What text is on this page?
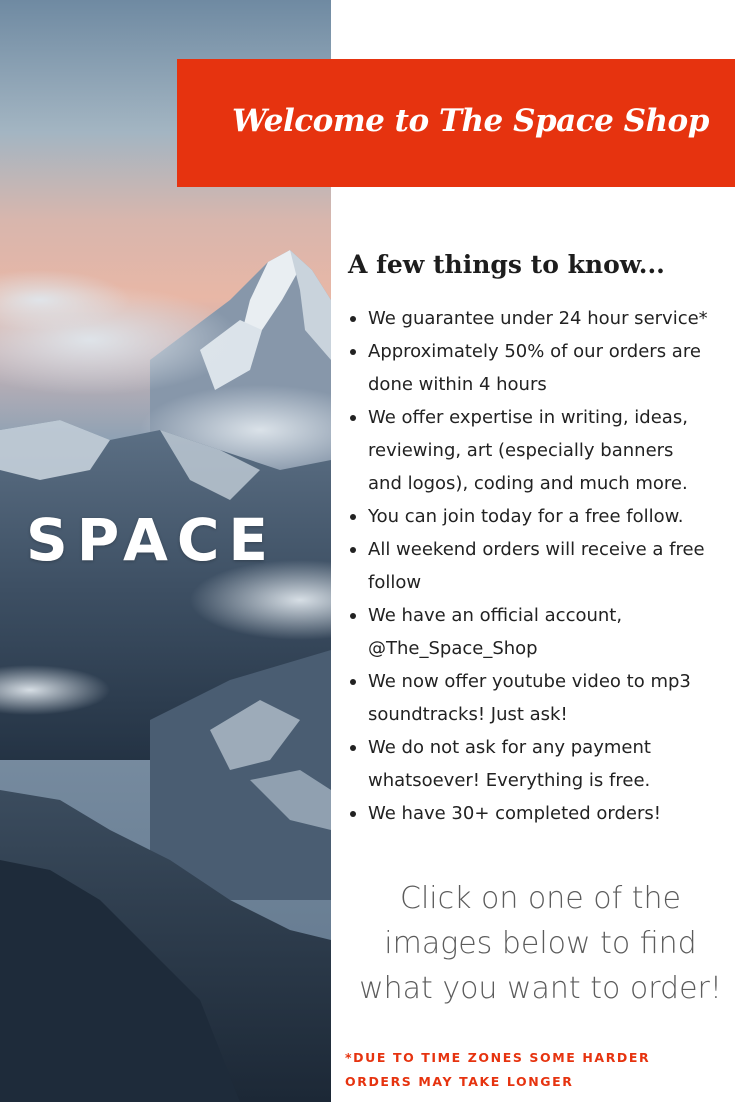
SPACE
Welcome to The Space Shop
A few things to know...
We guarantee under 24 hour service*
Approximately 50% of our orders are done within 4 hours
We offer expertise in writing, ideas, reviewing, art (especially banners and logos), coding and much more.
You can join today for a free follow.
All weekend orders will receive a free follow
We have an official account, @The_Space_Shop
We now offer youtube video to mp3 soundtracks! Just ask!
We do not ask for any payment whatsoever! Everything is free.
We have 30+ completed orders!
Click on one of the images below to find what you want to order!
*DUE TO TIME ZONES SOME HARDER ORDERS MAY TAKE LONGER
